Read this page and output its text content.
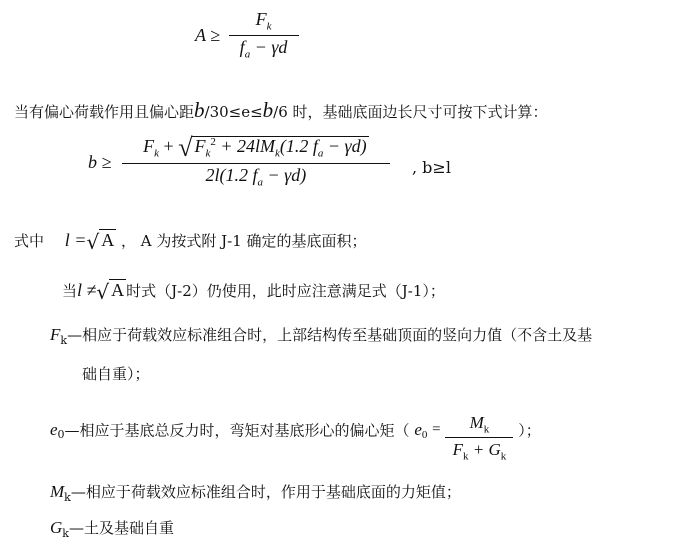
$A \ge \frac{F_k}{f_a - \gamma d}$
当有偏心荷载作用且偏心距b/30≤e≤b/6 时，基础底面边长尺寸可按下式计算：
$b \ge \frac{F_k + √ F_k^2 + 24lM_k(1.2 f_a - \gamma d)}{2l(1.2 f_a - \gamma d)}$ , b≥l
式中 l =√ A ， A 为按式附 J-1 确定的基底面积；
当l ≠√ A 时式（J-2）仍使用，此时应注意满足式（J-1）；
$F_k—$相应于荷载效应标准组合时，上部结构传至基础顶面的竖向力值（不含土及基
础自重）；
$e_0—$相应于基底总反力时，弯矩对基底形心的偏心矩（ $e_0 = \frac{M_k}{F_k + G_k}$ ）；
$M_k—$相应于荷载效应标准组合时，作用于基础底面的力矩值；
$G_k—$土及基础自重
